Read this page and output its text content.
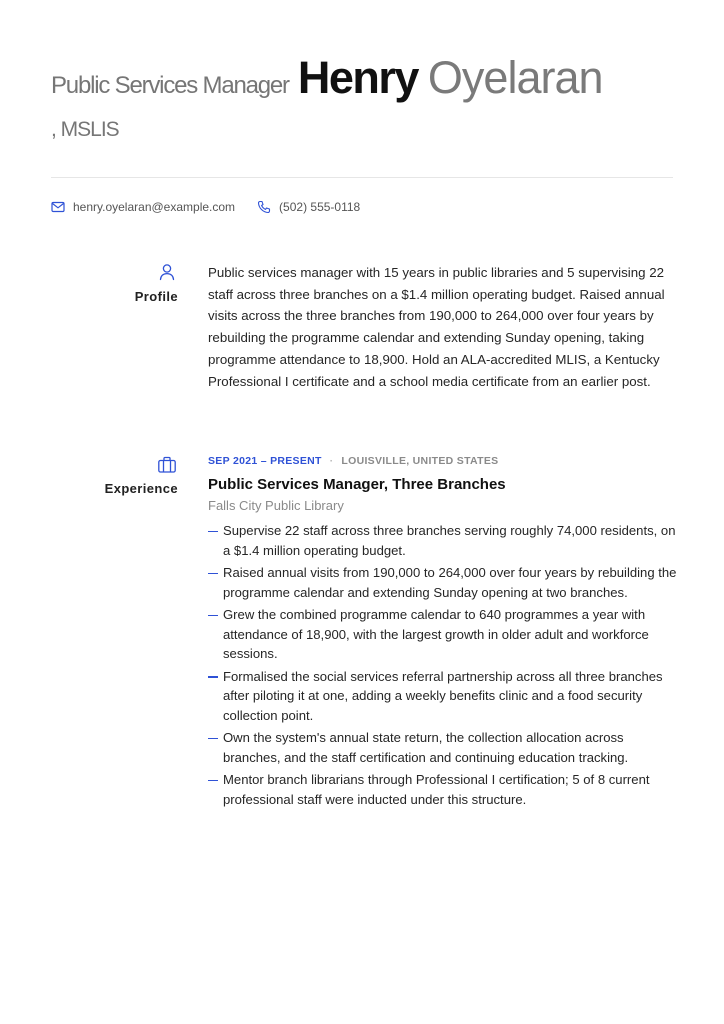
Public Services Manager Henry Oyelaran
, MSLIS
henry.oyelaran@example.com	(502) 555-0118
Profile

Public services manager with 15 years in public libraries and 5 supervising 22 staff across three branches on a $1.4 million operating budget. Raised annual visits across the three branches from 190,000 to 264,000 over four years by rebuilding the programme calendar and extending Sunday opening, taking programme attendance to 18,900. Hold an ALA-accredited MLIS, a Kentucky Professional I certificate and a school media certificate from an earlier post.

Experience
SEP 2021 – PRESENT · LOUISVILLE, UNITED STATES
Public Services Manager, Three Branches
Falls City Public Library
Supervise 22 staff across three branches serving roughly 74,000 residents, on a $1.4 million operating budget.
Raised annual visits from 190,000 to 264,000 over four years by rebuilding the programme calendar and extending Sunday opening at two branches.
Grew the combined programme calendar to 640 programmes a year with attendance of 18,900, with the largest growth in older adult and workforce sessions.
Formalised the social services referral partnership across all three branches after piloting it at one, adding a weekly benefits clinic and a food security collection point.
Own the system's annual state return, the collection allocation across branches, and the staff certification and continuing education tracking.
Mentor branch librarians through Professional I certification; 5 of 8 current professional staff were inducted under this structure.
